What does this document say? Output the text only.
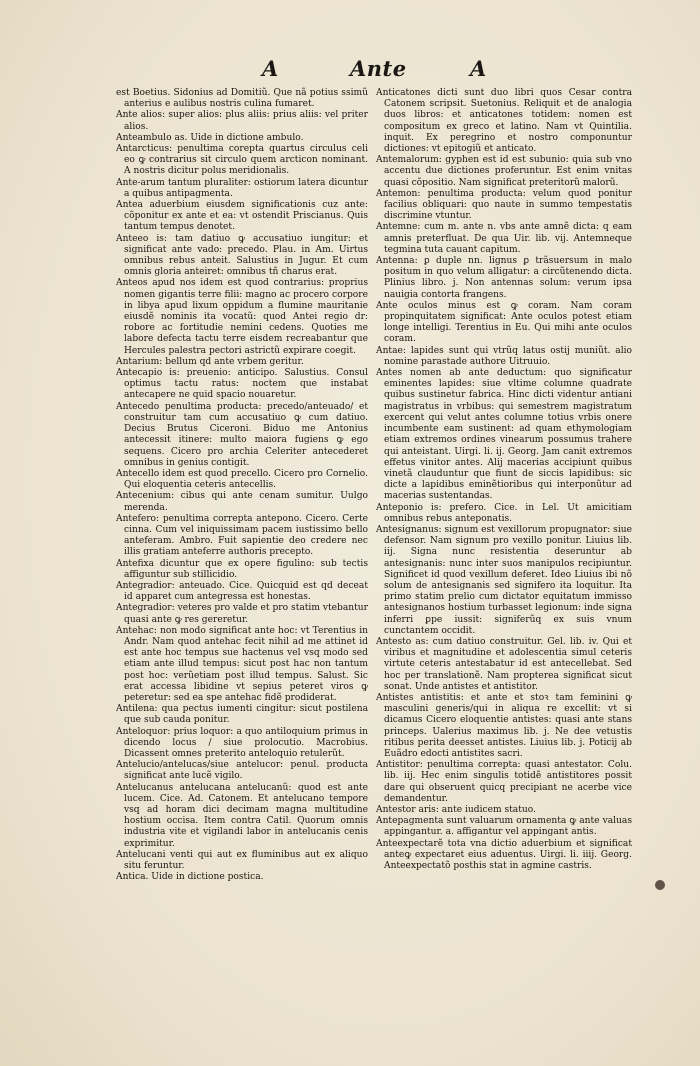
A	Ante	A

est Boetius. Sidonius ad Domitiũ. Que nã potius ssimũ anterius e aulibus nostris culina fumaret.

Ante alios: super alios: plus aliis: prius aliis: vel priter alios.

Anteambulo as. Uide in dictione ambulo.

Antarcticus: penultima corepta quartus circulus celi eo ꝙ contrarius sit circulo quem arcticon nominant. A nostris dicitur polus meridionalis.

Ante-arum tantum pluraliter: ostiorum latera dicuntur a quibus antipagmenta.

Antea aduerbium eiusdem significationis cuz ante: cõponitur ex ante et ea: vt ostendit Priscianus. Quis tantum tempus denotet.

Anteeo is: tam datiuo ꝙ accusatiuo iungitur: et significat ante vado: precedo. Plau. in Am. Uirtus omnibus rebus anteit. Salustius in Jugur. Et cum omnis gloria anteiret: omnibus tñ charus erat.

Anteos apud nos idem est quod contrarius: proprius nomen gigantis terre filii: magno ac procero corpore in libya apud lixum oppidum a flumine mauritanie eiusdẽ nominis ita vocatũ: quod Antei regio dr: robore ac fortitudie nemini cedens. Quoties me labore defecta tactu terre eisdem recreabantur que Hercules palestra pectori astrictũ expirare coegit.

Antarium: bellum qd ante vrbem geritur.

Antecapio is: preuenio: anticipo. Salustius. Consul optimus tactu ratus: noctem que instabat antecapere ne quid spacio nouaretur.

Antecedo penultima producta: precedo/anteuado/ et construitur tam cum accusatiuo ꝙ cum datiuo. Decius Brutus Ciceroni. Biduo me Antonius antecessit itinere: multo maiora fugiens ꝙ ego sequens. Cicero pro archia Celeriter antecederet omnibus in genius contigit.

Antecello idem est quod precello. Cicero pro Cornelio. Qui eloquentia ceteris antecellis.

Antecenium: cibus qui ante cenam sumitur. Uulgo merenda.

Antefero: penultima correpta antepono. Cicero. Certe cinna. Cum vel iniquissimam pacem iustissimo bello anteferam. Ambro. Fuit sapientie deo credere nec illis gratiam anteferre authoris precepto.

Antefixa dicuntur que ex opere figulino: sub tectis affiguntur sub stillicidio.

Antegradior: anteuado. Cice. Quicquid est qd deceat id apparet cum antegressa est honestas.

Antegradior: veteres pro valde et pro statim vtebantur quasi ante ꝙ res gereretur.

Antehac: non modo significat ante hoc: vt Terentius in Andr. Nam quod antehac fecit nihil ad me attinet id est ante hoc tempus sue hactenus vel vsq modo sed etiam ante illud tempus: sicut post hac non tantum post hoc: verũetiam post illud tempus. Salust. Sic erat accessa libidine vt sepius peteret viros ꝙ peteretur: sed ea spe antehac fidẽ prodiderat.

Antilena: qua pectus iumenti cingitur: sicut postilena que sub cauda ponitur.

Anteloquor: prius loquor: a quo antiloquium primus in dicendo locus / siue prolocutio. Macrobius. Dicassent omnes preterito anteloquio retulerũt.

Antelucio/antelucas/siue antelucor: penul. producta significat ante lucẽ vigilo.

Antelucanus antelucana antelucanũ: quod est ante lucem. Cice. Ad. Catonem. Et antelucano tempore vsq ad horam dici decimam magna multitudine hostium occisa. Item contra Catil. Quorum omnis industria vite et vigilandi labor in antelucanis cenis exprimitur.

Antelucani venti qui aut ex fluminibus aut ex aliquo situ feruntur.

Antica. Uide in dictione postica.

Anticatones dicti sunt duo libri quos Cesar contra Catonem scripsit. Suetonius. Reliquit et de analogia duos libros: et anticatones totidem: nomen est compositum ex greco et latino. Nam vt Quintilia. inquit. Ex peregrino et nostro componuntur dictiones: vt epitogiũ et anticato.

Antemalorum: gyphen est id est subunio: quia sub vno accentu due dictiones proferuntur. Est enim vnitas quasi cõpositio. Nam significat preteritorũ malorũ.

Antemon: penultima producta: velum quod ponitur facilius obliquari: quo naute in summo tempestatis discrimine vtuntur.

Antemne: cum m. ante n. vbs ante amnẽ dicta: q eam amnis preterfluat. De qua Uir. lib. vij. Antemneque tegmina tuta cauant capitum.

Antenna: ꝑ duple nn. lignus ꝑ trãsuersum in malo positum in quo velum alligatur: a circũtenendo dicta. Plinius libro. j. Non antennas solum: verum ipsa nauigia contorta frangens.

Ante oculos minus est ꝙ coram. Nam coram propinquitatem significat: Ante oculos potest etiam longe intelligi. Terentius in Eu. Qui mihi ante oculos coram.

Antae: lapides sunt qui vtrũq latus ostij muniũt. alio nomine parastade authore Uitruuio.

Antes nomen ab ante deductum: quo significatur eminentes lapides: siue vltime columne quadrate quibus sustinetur fabrica. Hinc dicti videntur antiani magistratus in vrbibus: qui semestrem magistratum exercent qui velut antes columne totius vrbis onere incumbente eam sustinent: ad quam ethymologiam etiam extremos ordines vinearum possumus trahere qui anteistant. Uirgi. li. ij. Georg. Jam canit extremos effetus vinitor antes. Alij macerias accipiunt quibus vinetã clauduntur que fiunt de siccis lapidibus: sic dicte a lapidibus eminẽtioribus qui interponũtur ad macerias sustentandas.

Anteponio is: prefero. Cice. in Lel. Ut amicitiam omnibus rebus anteponatis.

Antesignanus: signum est vexillorum propugnator: siue defensor. Nam signum pro vexillo ponitur. Liuius lib. iij. Signa nunc resistentia deseruntur ab antesignanis: nunc inter suos manipulos recipiuntur. Significet id quod vexillum deferet. Ideo Liuius ibi nõ solum de antesignanis sed signifero ita loquitur. Ita primo statim prelio cum dictator equitatum immisso antesignanos hostium turbasset legionum: inde signa inferri ꝑpe iussit: signiferũq ex suis vnum cunctantem occidit.

Antesto as: cum datiuo construitur. Gel. lib. iv. Qui et viribus et magnitudine et adolescentia simul ceteris virtute ceteris antestabatur id est antecellebat. Sed hoc per translationẽ. Nam propterea significat sicut sonat. Unde antistes et antistitor.

Antistes antistitis: et ante et stoꝛ tam feminini ꝙ masculini generis/qui in aliqua re excellit: vt si dicamus Cicero eloquentie antistes: quasi ante stans princeps. Ualerius maximus lib. j. Ne dee vetustis ritibus perita deesset antistes. Liuius lib. j. Poticij ab Euãdro edocti antistites sacri.

Antistitor: penultima correpta: quasi antestator. Colu. lib. iij. Hec enim singulis totidẽ antistitores possit dare qui obseruent quicq precipiant ne acerbe vice demandentur.

Antestor aris: ante iudicem statuo.

Antepagmenta sunt valuarum ornamenta ꝙ ante valuas appingantur. a. affigantur vel appingant antis.

Anteexpectarẽ tota vna dictio aduerbium et significat anteꝙ expectaret eius aduentus. Uirgi. li. iiij. Georg. Anteexpectatõ posthis stat in agmine castris.
